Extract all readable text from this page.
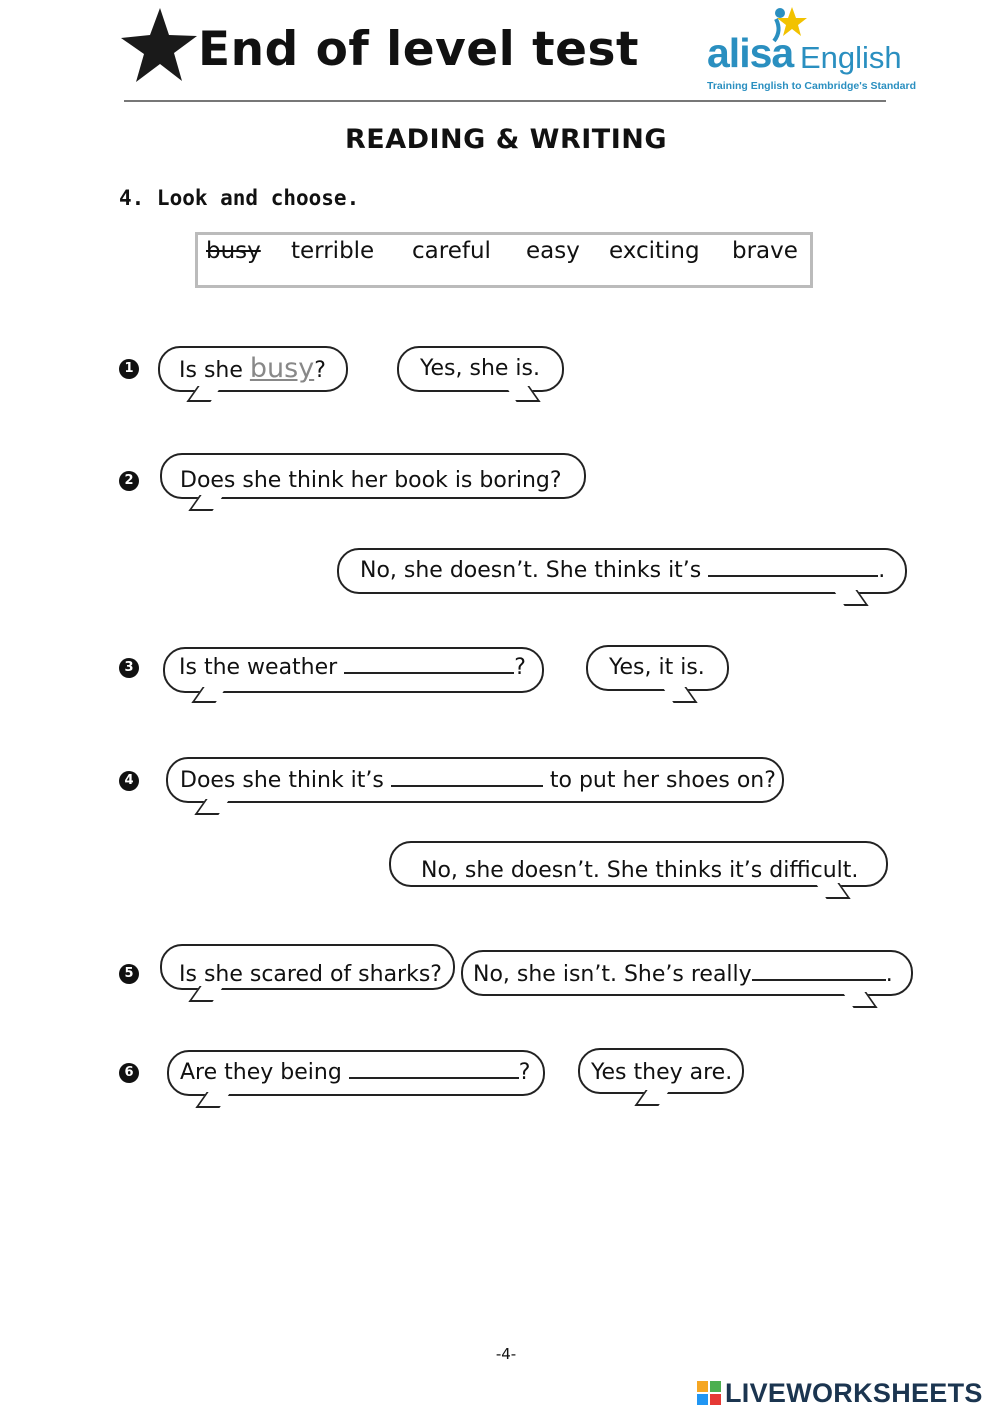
End of level test alisa English
Training English to Cambridge's Standard
READING & WRITING
4. Look and choose.
busy terrible careful easy exciting brave
1 Is she busy?	Yes, she is.
2 Does she think her book is boring?
No, she doesn’t. She thinks it’s	.
3 Is the weather	?	Yes, it is.
4 Does she think it’s	to put her shoes on?
No, she doesn’t. She thinks it’s difficult.
5 Is she scared of sharks? No, she isn’t. She’s really	.
6 Are they being	?	Yes they are.
-4-
LIVEWORKSHEETS
